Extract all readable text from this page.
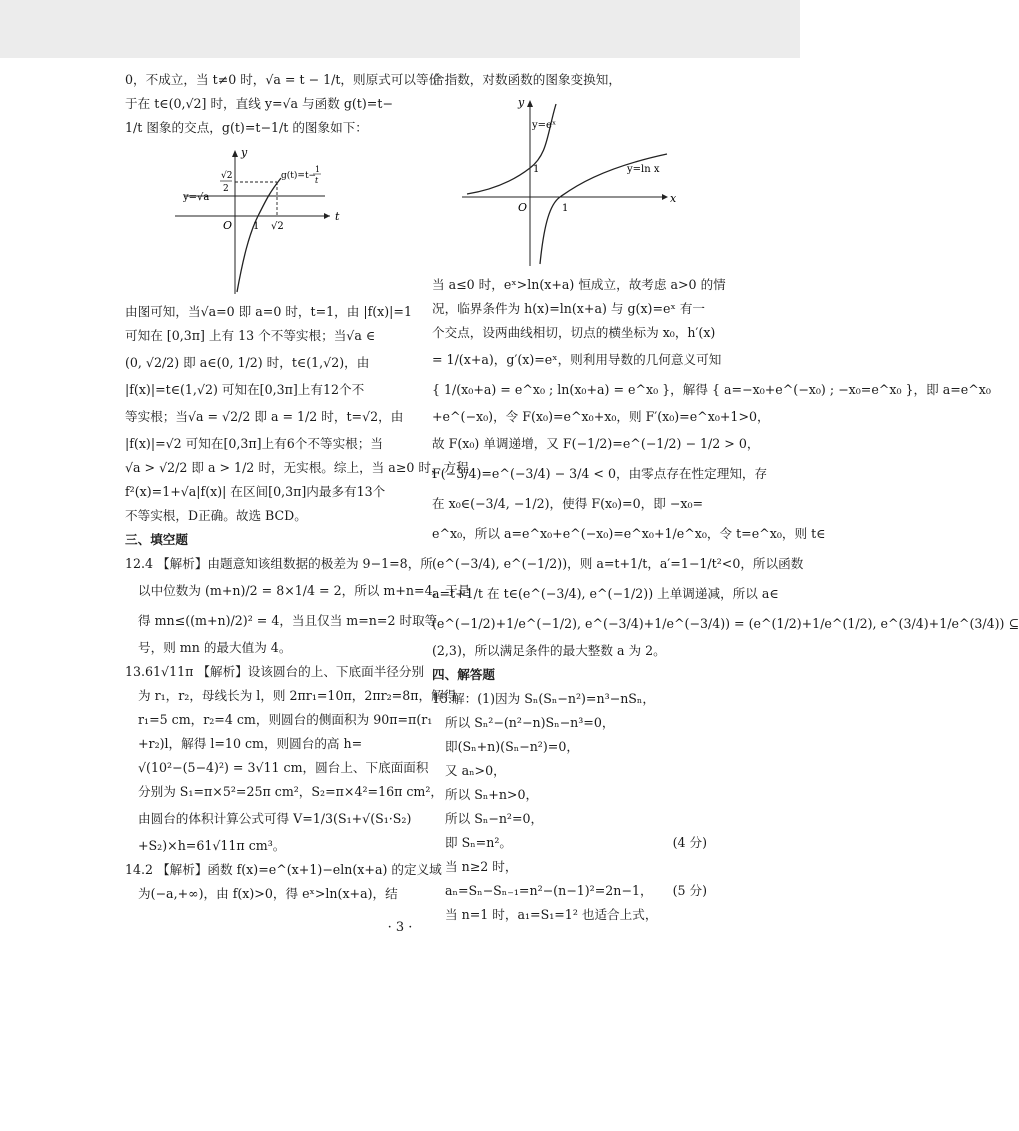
0，不成立，当 t≠0 时，√a = t − 1/t，则原式可以等价
于在 t∈(0,√2] 时，直线 y=√a 与函数 g(t)=t−
1/t 图象的交点，g(t)=t−1/t 的图象如下：
y
t
O 1 √2
y=√a
√2
2
g(t)=t−
1
t
由图可知，当√a=0 即 a=0 时，t=1，由 |f(x)|=1
可知在 [0,3π] 上有 13 个不等实根；当√a ∈
(0, √2/2) 即 a∈(0, 1/2) 时，t∈(1,√2)，由
|f(x)|=t∈(1,√2) 可知在[0,3π]上有12个不
等实根；当√a = √2/2 即 a = 1/2 时，t=√2，由
|f(x)|=√2 可知在[0,3π]上有6个不等实根；当
√a > √2/2 即 a > 1/2 时，无实根。综上，当 a≥0 时，方程
f²(x)=1+√a|f(x)| 在区间[0,3π]内最多有13个
不等实根，D正确。故选 BCD。
三、填空题
12.4 【解析】由题意知该组数据的极差为 9−1=8，所
以中位数为 (m+n)/2 = 8×1/4 = 2，所以 m+n=4，于是
得 mn≤((m+n)/2)² = 4，当且仅当 m=n=2 时取等
号，则 mn 的最大值为 4。
13.61√11π 【解析】设该圆台的上、下底面半径分别
为 r₁，r₂，母线长为 l，则 2πr₁=10π，2πr₂=8π，解得
r₁=5 cm，r₂=4 cm，则圆台的侧面积为 90π=π(r₁
+r₂)l，解得 l=10 cm，则圆台的高 h=
√(10²−(5−4)²) = 3√11 cm，圆台上、下底面面积
分别为 S₁=π×5²=25π cm²，S₂=π×4²=16π cm²，
由圆台的体积计算公式可得 V=1/3(S₁+√(S₁·S₂)
+S₂)×h=61√11π cm³。
14.2 【解析】函数 f(x)=e^(x+1)−eln(x+a) 的定义域
为(−a,+∞)，由 f(x)>0，得 eˣ>ln(x+a)，结
合指数，对数函数的图象变换知，
y
x
O	1
1
y=eˣ
y=ln x
当 a≤0 时，eˣ>ln(x+a) 恒成立，故考虑 a>0 的情
况，临界条件为 h(x)=ln(x+a) 与 g(x)=eˣ 有一
个交点，设两曲线相切，切点的横坐标为 x₀，h′(x)
= 1/(x+a)，g′(x)=eˣ，则利用导数的几何意义可知
{ 1/(x₀+a) = e^x₀ ; ln(x₀+a) = e^x₀ }，解得 { a=−x₀+e^(−x₀) ; −x₀=e^x₀ }，即 a=e^x₀
+e^(−x₀)，令 F(x₀)=e^x₀+x₀，则 F′(x₀)=e^x₀+1>0，
故 F(x₀) 单调递增，又 F(−1/2)=e^(−1/2) − 1/2 > 0，
F(−3/4)=e^(−3/4) − 3/4 < 0，由零点存在性定理知，存
在 x₀∈(−3/4, −1/2)，使得 F(x₀)=0，即 −x₀=
e^x₀，所以 a=e^x₀+e^(−x₀)=e^x₀+1/e^x₀，令 t=e^x₀，则 t∈
(e^(−3/4), e^(−1/2))，则 a=t+1/t，a′=1−1/t²<0，所以函数
a=t+1/t 在 t∈(e^(−3/4), e^(−1/2)) 上单调递减，所以 a∈
(e^(−1/2)+1/e^(−1/2), e^(−3/4)+1/e^(−3/4)) = (e^(1/2)+1/e^(1/2), e^(3/4)+1/e^(3/4)) ⊆
(2,3)，所以满足条件的最大整数 a 为 2。
四、解答题
15.解：(1)因为 Sₙ(Sₙ−n²)=n³−nSₙ，
所以 Sₙ²−(n²−n)Sₙ−n³=0，
即(Sₙ+n)(Sₙ−n²)=0，
又 aₙ>0，
所以 Sₙ+n>0，
所以 Sₙ−n²=0，
(4 分)
即 Sₙ=n²。
当 n≥2 时，
(5 分)
aₙ=Sₙ−Sₙ₋₁=n²−(n−1)²=2n−1，
当 n=1 时，a₁=S₁=1² 也适合上式，
· 3 ·
